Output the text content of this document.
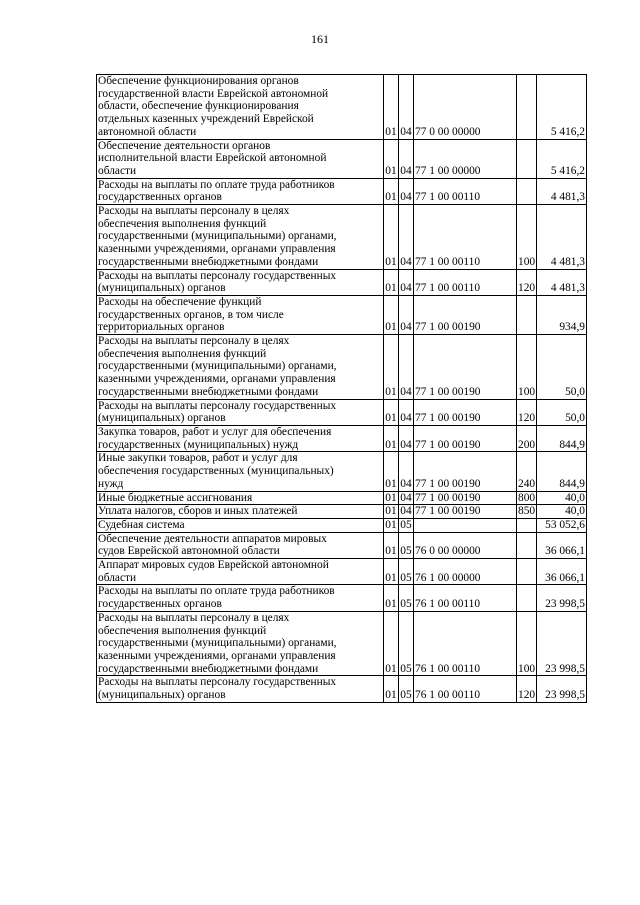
161
Обеспечение функционирования органов
государственной власти Еврейской автономной
области, обеспечение функционирования
отдельных казенных учреждений Еврейской
автономной области	01	04	77 0 00 00000		5 416,2

Обеспечение деятельности органов
исполнительной власти Еврейской автономной
области	01	04	77 1 00 00000		5 416,2

Расходы на выплаты по оплате труда работников
государственных органов	01	04	77 1 00 00110		4 481,3

Расходы на выплаты персоналу в целях
обеспечения выполнения функций
государственными (муниципальными) органами,
казенными учреждениями, органами управления
государственными внебюджетными фондами	01	04	77 1 00 00110	100	4 481,3

Расходы на выплаты персоналу государственных
(муниципальных) органов	01	04	77 1 00 00110	120	4 481,3

Расходы на обеспечение функций
государственных органов, в том числе
территориальных органов	01	04	77 1 00 00190		934,9

Расходы на выплаты персоналу в целях
обеспечения выполнения функций
государственными (муниципальными) органами,
казенными учреждениями, органами управления
государственными внебюджетными фондами	01	04	77 1 00 00190	100	50,0

Расходы на выплаты персоналу государственных
(муниципальных) органов	01	04	77 1 00 00190	120	50,0

Закупка товаров, работ и услуг для обеспечения
государственных (муниципальных) нужд	01	04	77 1 00 00190	200	844,9

Иные закупки товаров, работ и услуг для
обеспечения государственных (муниципальных)
нужд	01	04	77 1 00 00190	240	844,9

Иные бюджетные ассигнования	01	04	77 1 00 00190	800	40,0

Уплата налогов, сборов и иных платежей	01	04	77 1 00 00190	850	40,0

Судебная система	01	05			53 052,6

Обеспечение деятельности аппаратов мировых
судов Еврейской автономной области	01	05	76 0 00 00000		36 066,1

Аппарат мировых судов Еврейской автономной
области	01	05	76 1 00 00000		36 066,1

Расходы на выплаты по оплате труда работников
государственных органов	01	05	76 1 00 00110		23 998,5

Расходы на выплаты персоналу в целях
обеспечения выполнения функций
государственными (муниципальными) органами,
казенными учреждениями, органами управления
государственными внебюджетными фондами	01	05	76 1 00 00110	100	23 998,5

Расходы на выплаты персоналу государственных
(муниципальных) органов	01	05	76 1 00 00110	120	23 998,5
